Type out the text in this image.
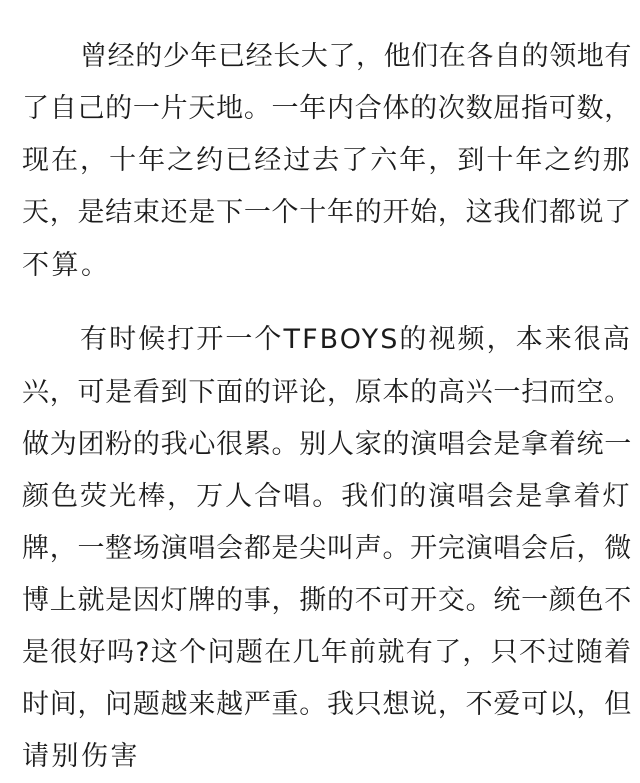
曾经的少年已经长大了，他们在各自的领地有
了自己的一片天地。一年内合体的次数屈指可数，
现在，十年之约已经过去了六年，到十年之约那
天，是结束还是下一个十年的开始，这我们都说了
不算。
有时候打开一个TFBOYS的视频，本来很高
兴，可是看到下面的评论，原本的高兴一扫而空。
做为团粉的我心很累。别人家的演唱会是拿着统一
颜色荧光棒，万人合唱。我们的演唱会是拿着灯
牌，一整场演唱会都是尖叫声。开完演唱会后，微
博上就是因灯牌的事，撕的不可开交。统一颜色不
是很好吗?这个问题在几年前就有了，只不过随着
时间，问题越来越严重。我只想说，不爱可以，但
请别伤害
